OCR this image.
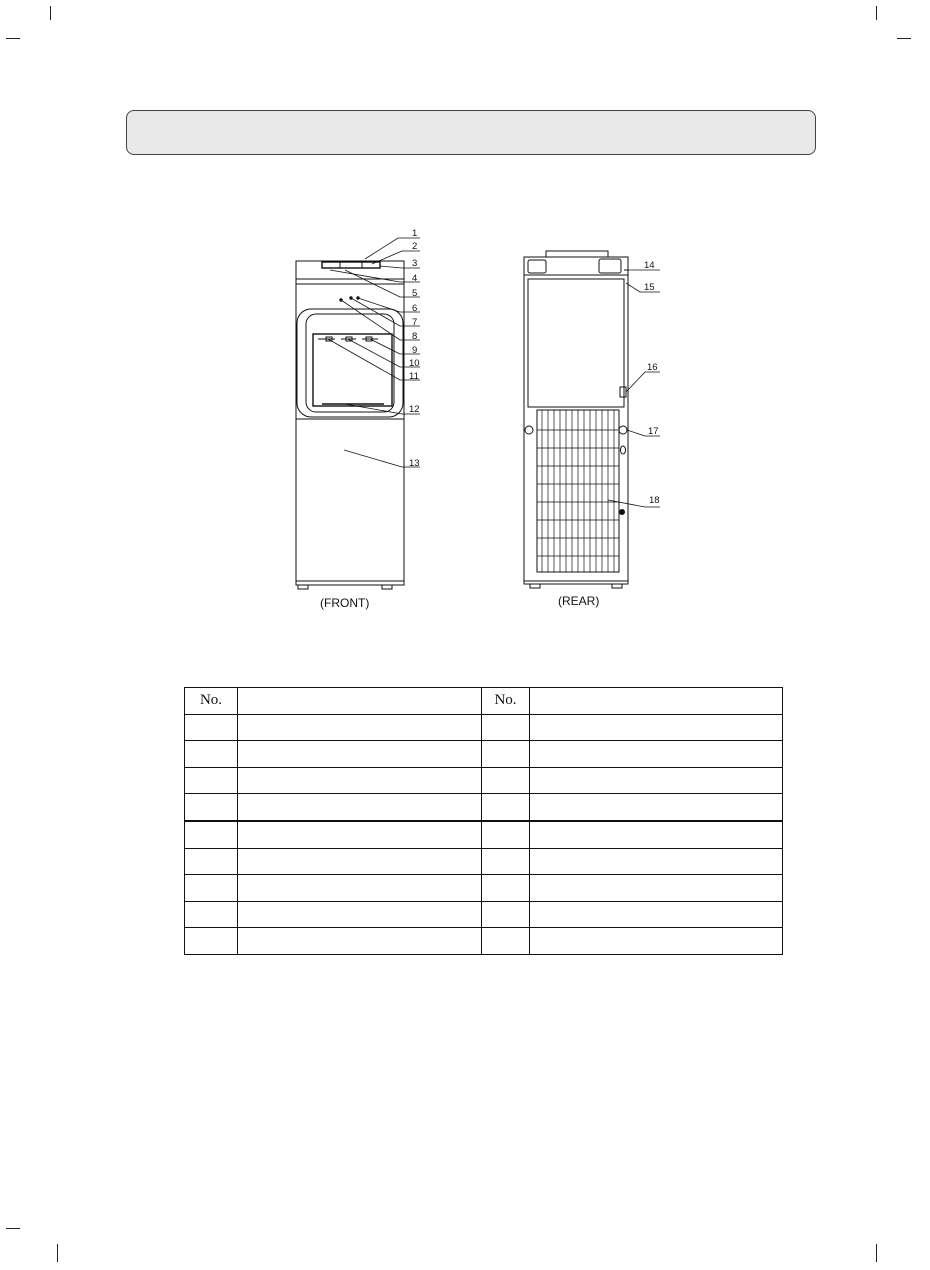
1
2
3
4
5
6
7
8
9
10
11
12
13
14
15
16
17
18
(FRONT)	(REAR)
No.		No.	
